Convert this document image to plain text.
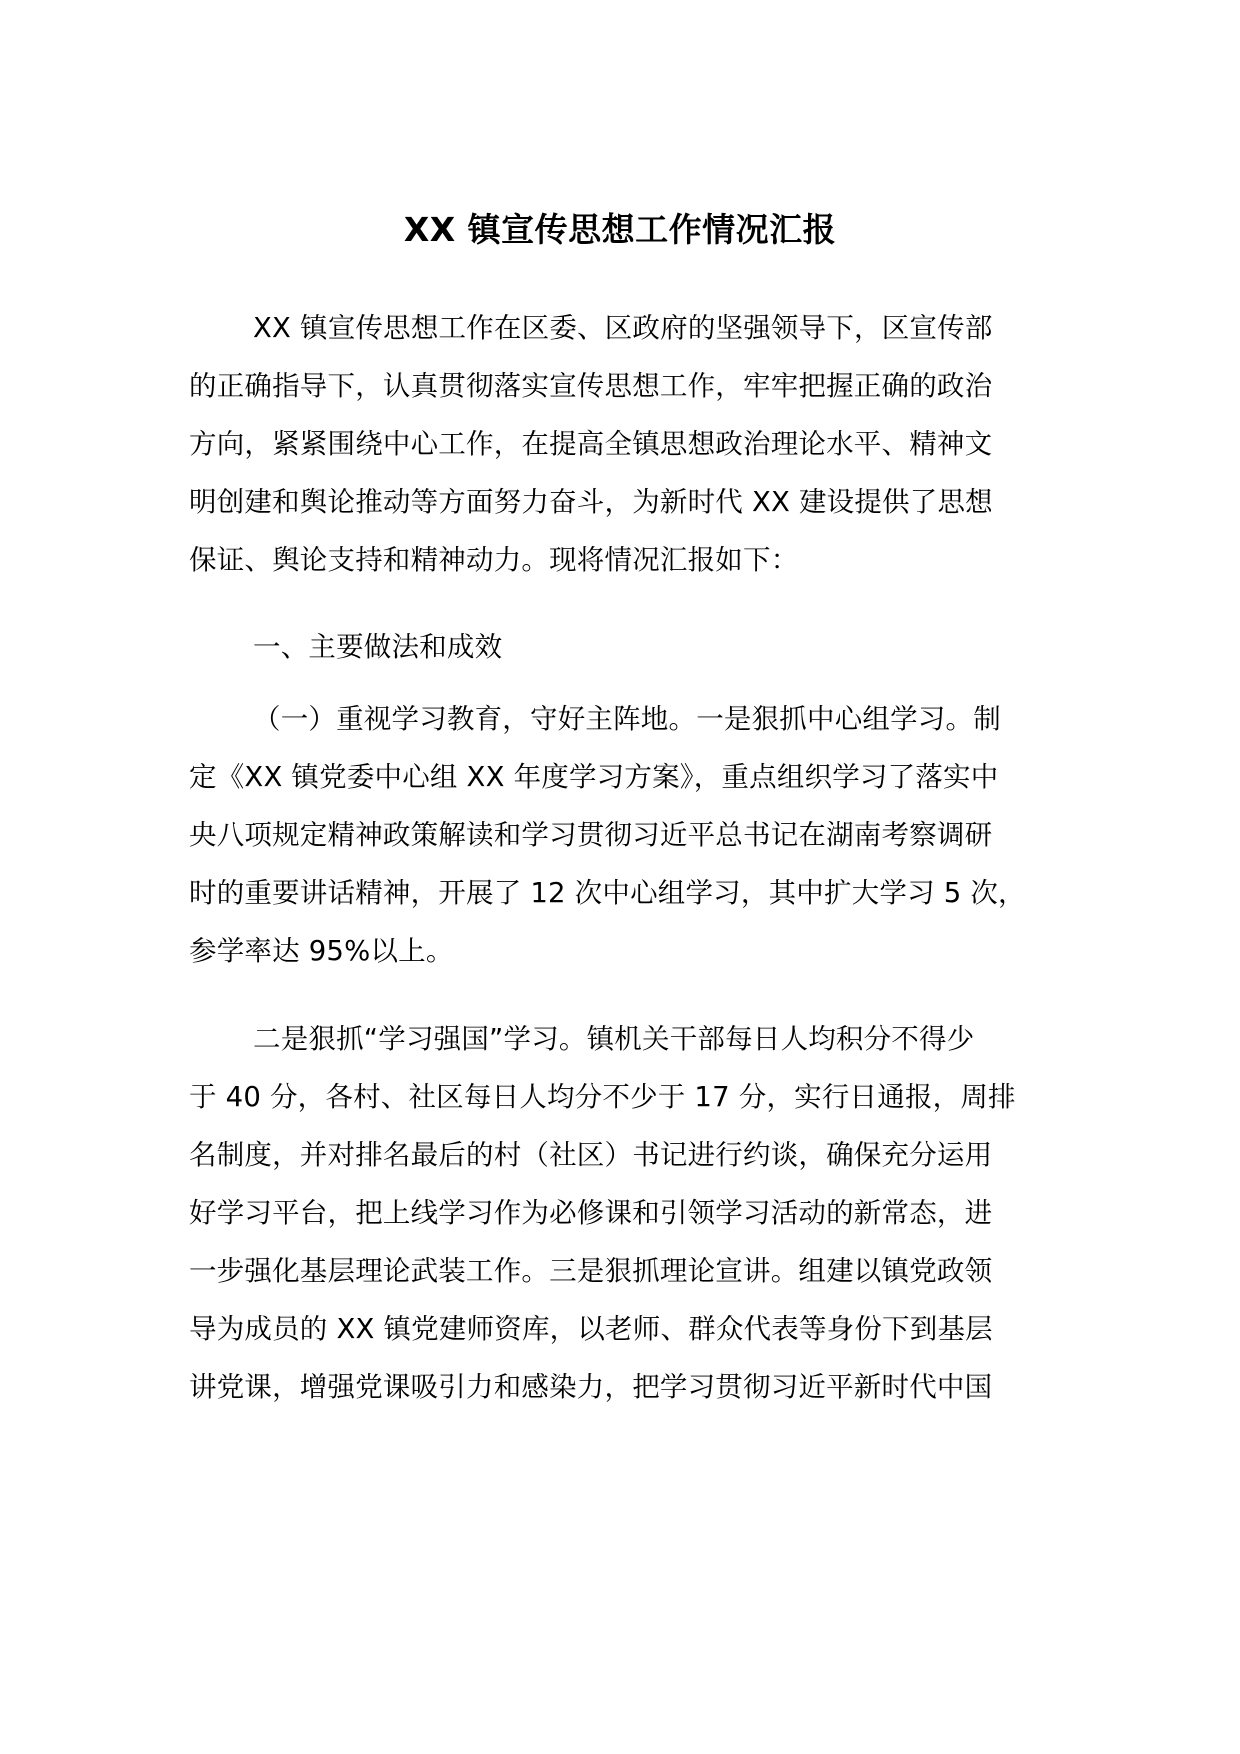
XX 镇宣传思想工作情况汇报
XX 镇宣传思想工作在区委、区政府的坚强领导下，区宣传部
的正确指导下，认真贯彻落实宣传思想工作，牢牢把握正确的政治
方向，紧紧围绕中心工作，在提高全镇思想政治理论水平、精神文
明创建和舆论推动等方面努力奋斗，为新时代 XX 建设提供了思想
保证、舆论支持和精神动力。现将情况汇报如下：
一、主要做法和成效
（一）重视学习教育，守好主阵地。一是狠抓中心组学习。制
定《XX 镇党委中心组 XX 年度学习方案》，重点组织学习了落实中
央八项规定精神政策解读和学习贯彻习近平总书记在湖南考察调研
时的重要讲话精神，开展了 12 次中心组学习，其中扩大学习 5 次，
参学率达 95%以上。
二是狠抓“学习强国”学习。镇机关干部每日人均积分不得少
于 40 分，各村、社区每日人均分不少于 17 分，实行日通报，周排
名制度，并对排名最后的村（社区）书记进行约谈，确保充分运用
好学习平台，把上线学习作为必修课和引领学习活动的新常态，进
一步强化基层理论武装工作。三是狠抓理论宣讲。组建以镇党政领
导为成员的 XX 镇党建师资库，以老师、群众代表等身份下到基层
讲党课，增强党课吸引力和感染力，把学习贯彻习近平新时代中国
